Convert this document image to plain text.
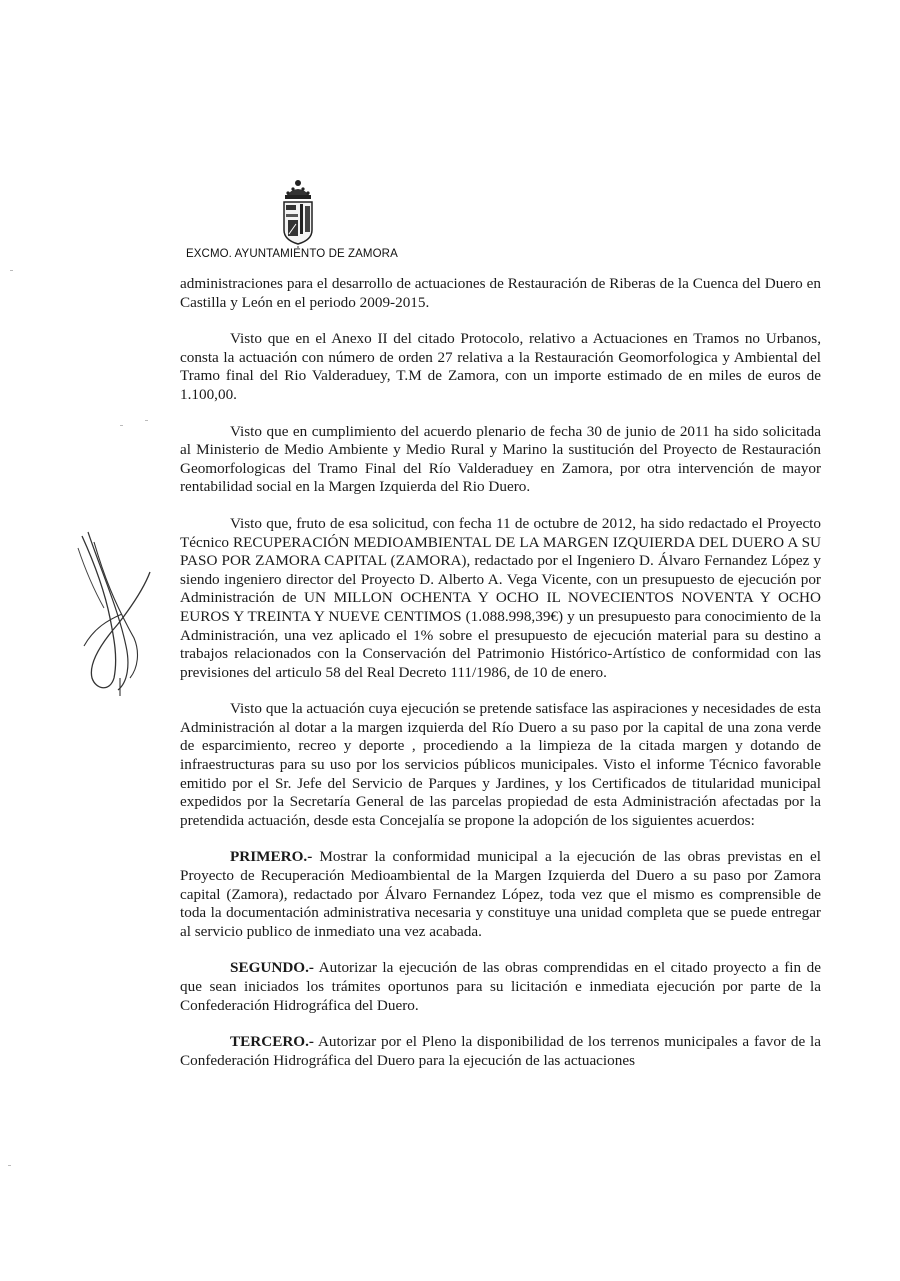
EXCMO. AYUNTAMIENTO DE ZAMORA

administraciones para el desarrollo de actuaciones de Restauración de Riberas de la Cuenca del Duero en Castilla y León en el periodo 2009-2015.

Visto que en el Anexo II del citado Protocolo, relativo a Actuaciones en Tramos no Urbanos, consta la actuación con número de orden 27 relativa a la Restauración Geomorfologica y Ambiental del Tramo final del Rio Valderaduey, T.M de Zamora, con un importe estimado de en miles de euros de 1.100,00.

Visto que en cumplimiento del acuerdo plenario de fecha 30 de junio de 2011 ha sido solicitada al Ministerio de Medio Ambiente y Medio Rural y Marino la sustitución del Proyecto de Restauración Geomorfologicas del Tramo Final del Río Valderaduey en Zamora, por otra intervención de mayor rentabilidad social en la Margen Izquierda del Rio Duero.

Visto que, fruto de esa solicitud, con fecha 11 de octubre de 2012, ha sido redactado el Proyecto Técnico RECUPERACIÓN MEDIOAMBIENTAL DE LA MARGEN IZQUIERDA DEL DUERO A SU PASO POR ZAMORA CAPITAL (ZAMORA), redactado por el Ingeniero D. Álvaro Fernandez López y siendo ingeniero director del Proyecto D. Alberto A. Vega Vicente, con un presupuesto de ejecución por Administración de UN MILLON OCHENTA Y OCHO IL NOVECIENTOS NOVENTA Y OCHO EUROS Y TREINTA Y NUEVE CENTIMOS (1.088.998,39€) y un presupuesto para conocimiento de la Administración, una vez aplicado el 1% sobre el presupuesto de ejecución material para su destino a trabajos relacionados con la Conservación del Patrimonio Histórico-Artístico de conformidad con las previsiones del articulo 58 del Real Decreto 111/1986, de 10 de enero.

Visto que la actuación cuya ejecución se pretende satisface las aspiraciones y necesidades de esta Administración al dotar a la margen izquierda del Río Duero a su paso por la capital de una zona verde de esparcimiento, recreo y deporte , procediendo a la limpieza de la citada margen y dotando de infraestructuras para su uso por los servicios públicos municipales. Visto el informe Técnico favorable emitido por el Sr. Jefe del Servicio de Parques y Jardines, y los Certificados de titularidad municipal expedidos por la Secretaría General de las parcelas propiedad de esta Administración afectadas por la pretendida actuación, desde esta Concejalía se propone la adopción de los siguientes acuerdos:

PRIMERO.- Mostrar la conformidad municipal a la ejecución de las obras previstas en el Proyecto de Recuperación Medioambiental de la Margen Izquierda del Duero a su paso por Zamora capital (Zamora), redactado por Álvaro Fernandez López, toda vez que el mismo es comprensible de toda la documentación administrativa necesaria y constituye una unidad completa que se puede entregar al servicio publico de inmediato una vez acabada.

SEGUNDO.- Autorizar la ejecución de las obras comprendidas en el citado proyecto a fin de que sean iniciados los trámites oportunos para su licitación e inmediata ejecución por parte de la Confederación Hidrográfica del Duero.

TERCERO.- Autorizar por el Pleno la disponibilidad de los terrenos municipales a favor de la Confederación Hidrográfica del Duero para la ejecución de las actuaciones
